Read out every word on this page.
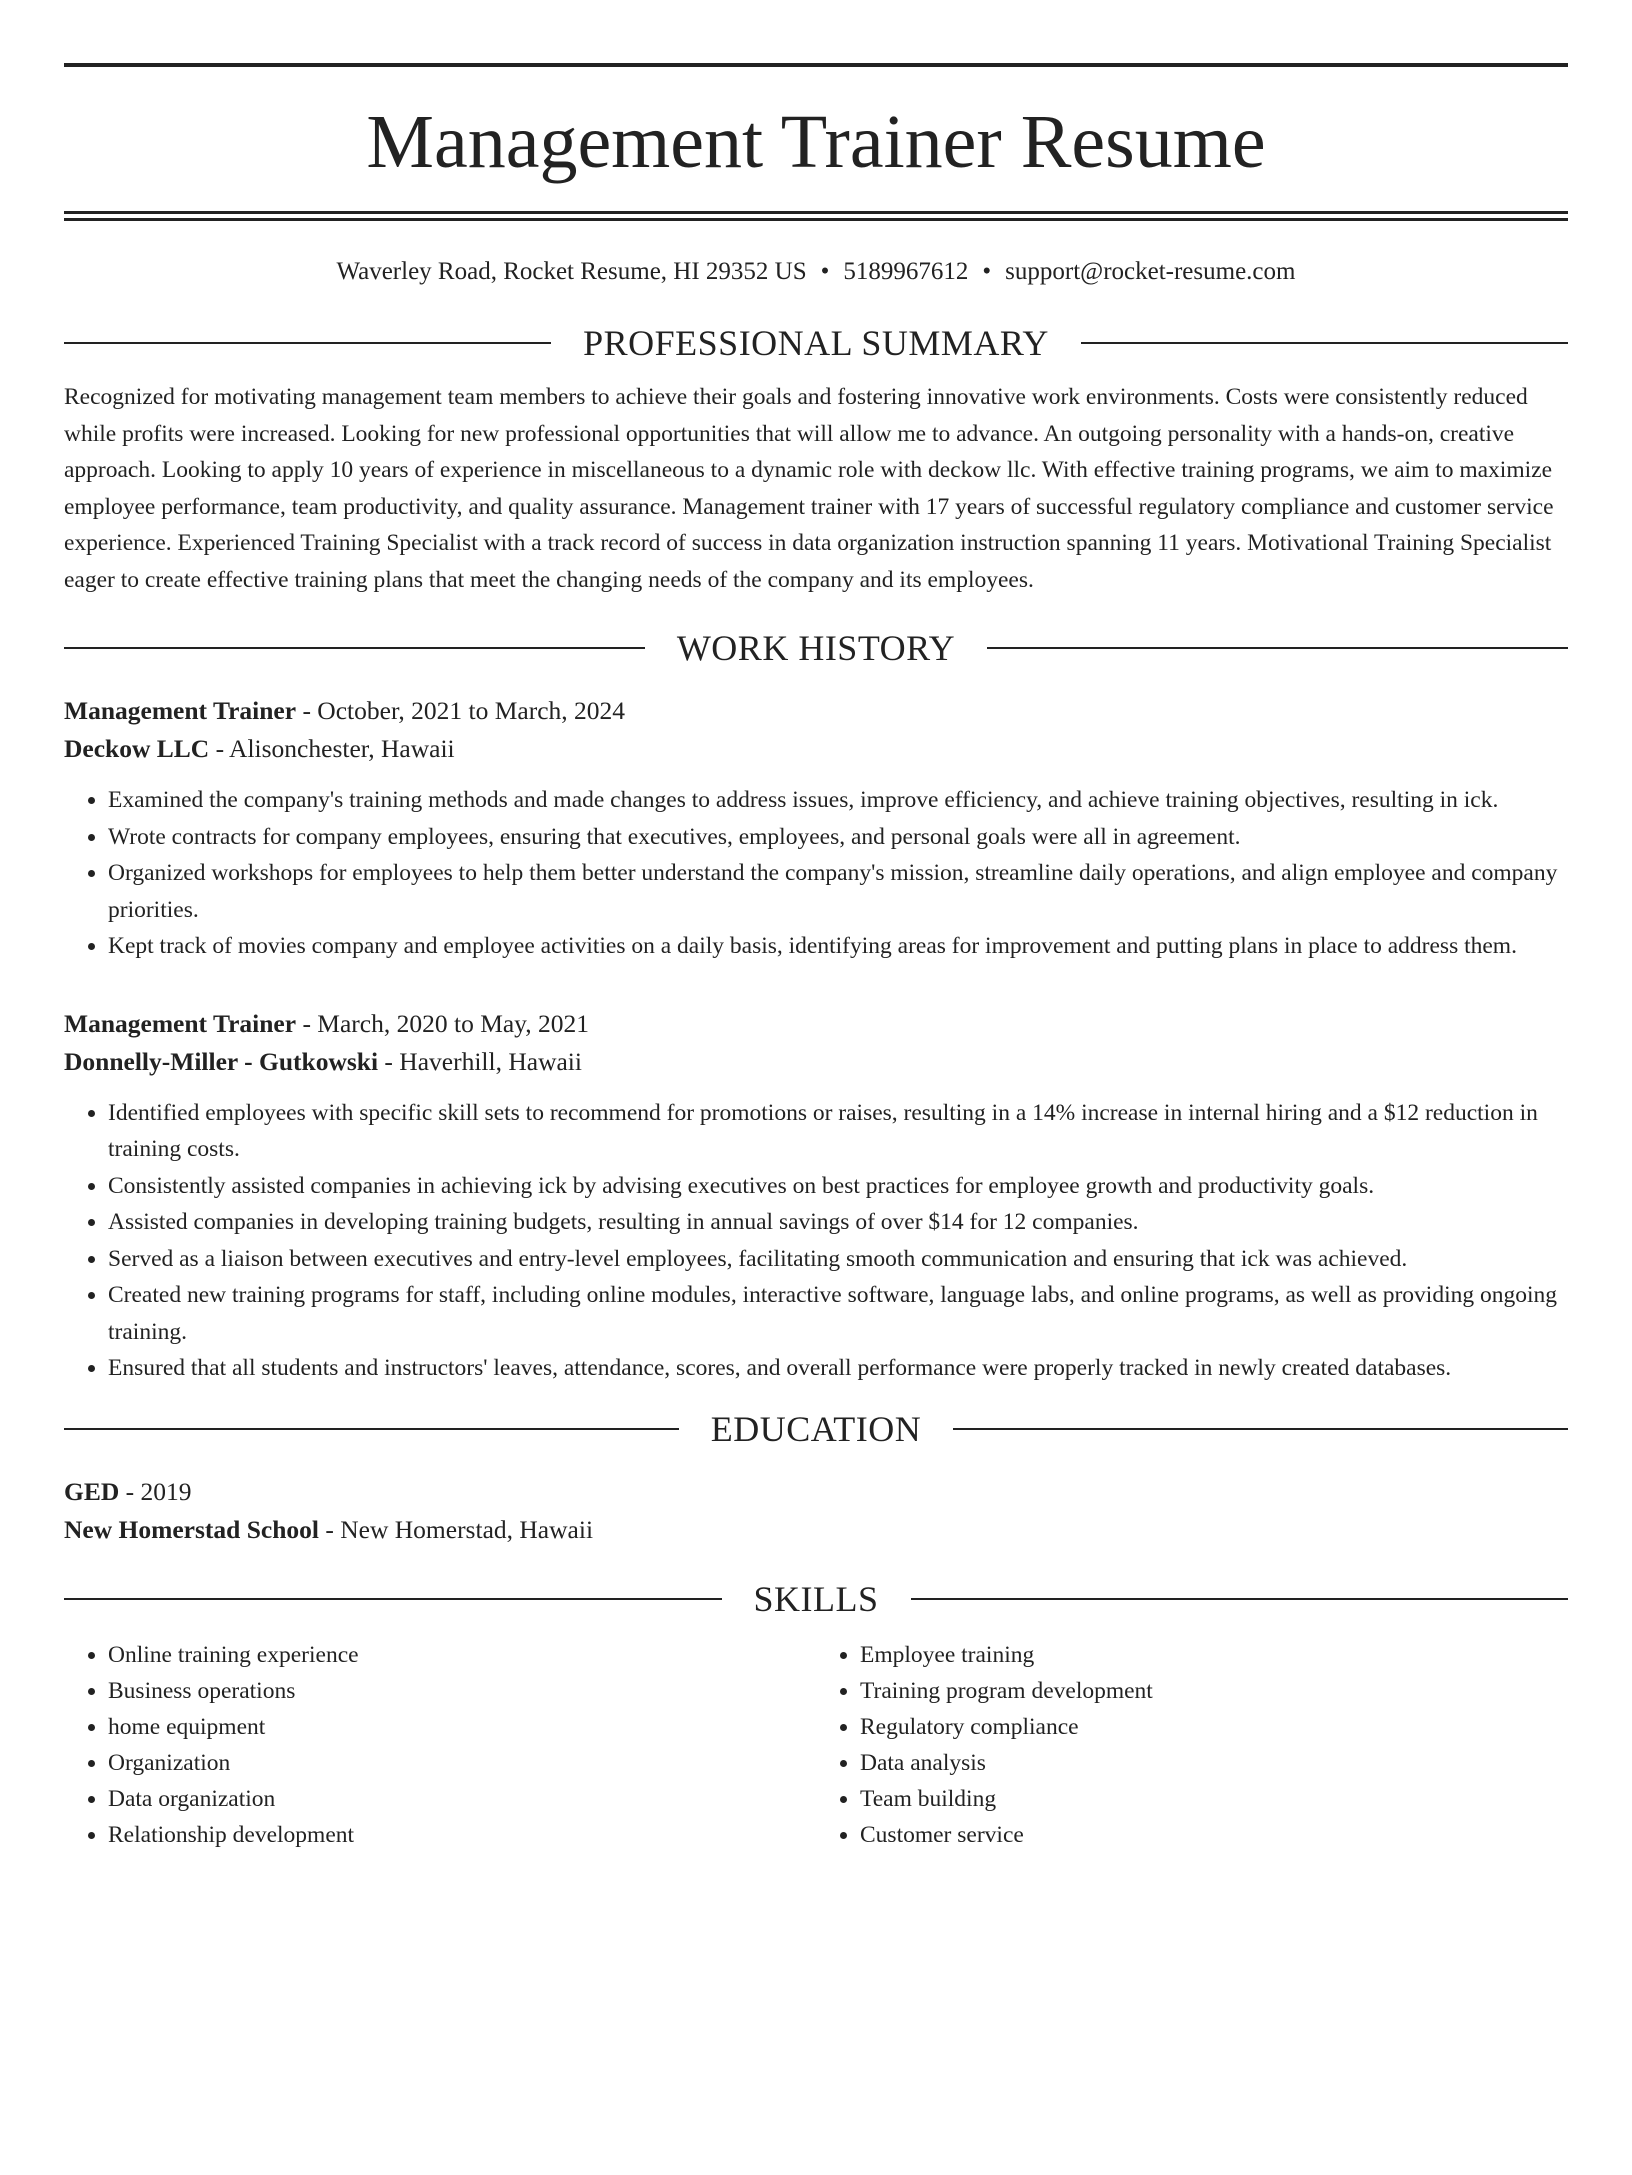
Management Trainer Resume
Waverley Road, Rocket Resume, HI 29352 US • 5189967612 • support@rocket-resume.com
PROFESSIONAL SUMMARY
Recognized for motivating management team members to achieve their goals and fostering innovative work environments. Costs were consistently reduced while profits were increased. Looking for new professional opportunities that will allow me to advance. An outgoing personality with a hands-on, creative approach. Looking to apply 10 years of experience in miscellaneous to a dynamic role with deckow llc. With effective training programs, we aim to maximize employee performance, team productivity, and quality assurance. Management trainer with 17 years of successful regulatory compliance and customer service experience. Experienced Training Specialist with a track record of success in data organization instruction spanning 11 years. Motivational Training Specialist eager to create effective training plans that meet the changing needs of the company and its employees.
WORK HISTORY
Management Trainer - October, 2021 to March, 2024
Deckow LLC - Alisonchester, Hawaii
• Examined the company's training methods and made changes to address issues, improve efficiency, and achieve training objectives, resulting in ick.
• Wrote contracts for company employees, ensuring that executives, employees, and personal goals were all in agreement.
• Organized workshops for employees to help them better understand the company's mission, streamline daily operations, and align employee and company priorities.
• Kept track of movies company and employee activities on a daily basis, identifying areas for improvement and putting plans in place to address them.
Management Trainer - March, 2020 to May, 2021
Donnelly-Miller - Gutkowski - Haverhill, Hawaii
• Identified employees with specific skill sets to recommend for promotions or raises, resulting in a 14% increase in internal hiring and a $12 reduction in training costs.
• Consistently assisted companies in achieving ick by advising executives on best practices for employee growth and productivity goals.
• Assisted companies in developing training budgets, resulting in annual savings of over $14 for 12 companies.
• Served as a liaison between executives and entry-level employees, facilitating smooth communication and ensuring that ick was achieved.
• Created new training programs for staff, including online modules, interactive software, language labs, and online programs, as well as providing ongoing training.
• Ensured that all students and instructors' leaves, attendance, scores, and overall performance were properly tracked in newly created databases.
EDUCATION
GED - 2019
New Homerstad School - New Homerstad, Hawaii
SKILLS
• Online training experience
• Business operations
• home equipment
• Organization
• Data organization
• Relationship development
• Employee training
• Training program development
• Regulatory compliance
• Data analysis
• Team building
• Customer service
